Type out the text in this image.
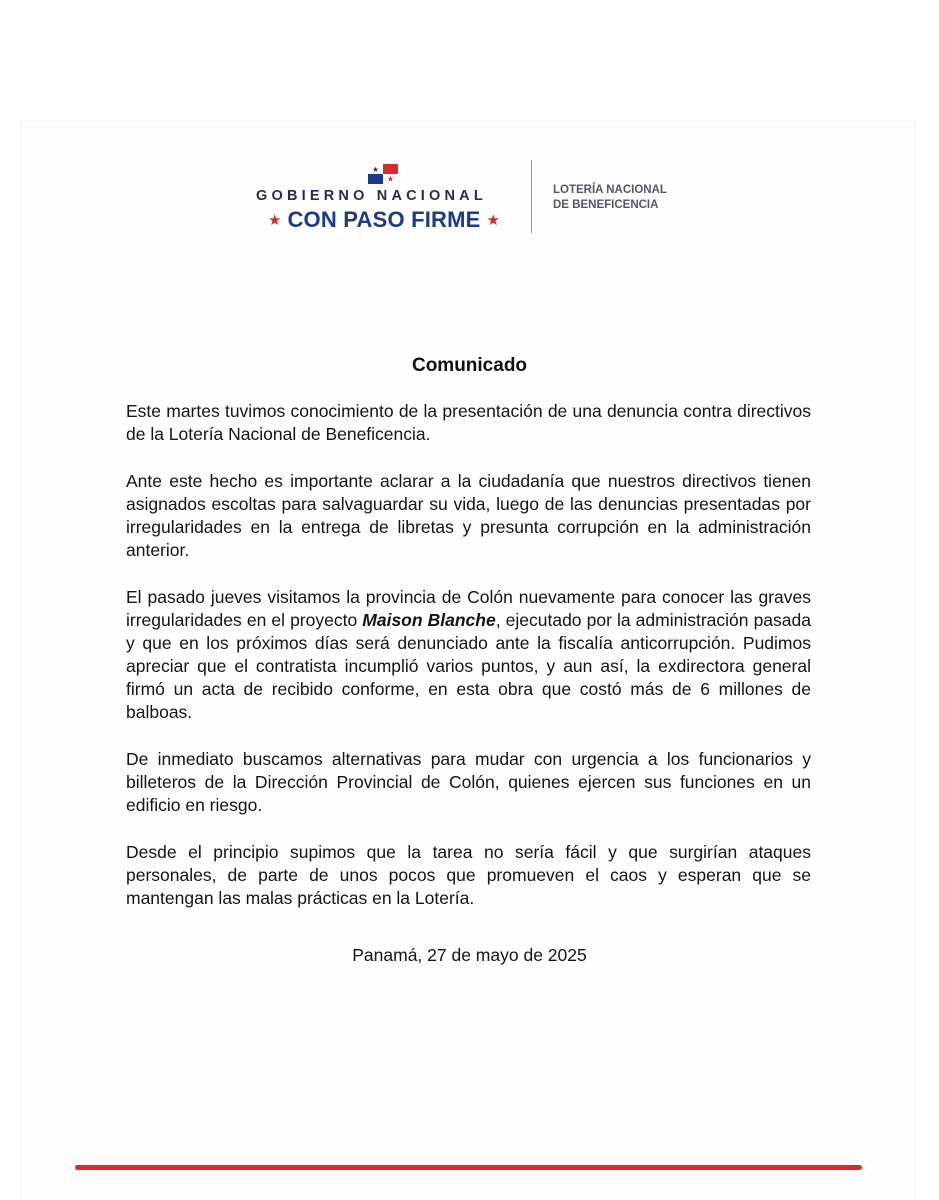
GOBIERNO NACIONAL
★ CON PASO FIRME ★
LOTERÍA NACIONAL
DE BENEFICENCIA
Comunicado

Este martes tuvimos conocimiento de la presentación de una denuncia contra directivos de la Lotería Nacional de Beneficencia.

Ante este hecho es importante aclarar a la ciudadanía que nuestros directivos tienen asignados escoltas para salvaguardar su vida, luego de las denuncias presentadas por irregularidades en la entrega de libretas y presunta corrupción en la administración anterior.

El pasado jueves visitamos la provincia de Colón nuevamente para conocer las graves irregularidades en el proyecto Maison Blanche, ejecutado por la administración pasada y que en los próximos días será denunciado ante la fiscalía anticorrupción. Pudimos apreciar que el contratista incumplió varios puntos, y aun así, la exdirectora general firmó un acta de recibido conforme, en esta obra que costó más de 6 millones de balboas.

De inmediato buscamos alternativas para mudar con urgencia a los funcionarios y billeteros de la Dirección Provincial de Colón, quienes ejercen sus funciones en un edificio en riesgo.

Desde el principio supimos que la tarea no sería fácil y que surgirían ataques personales, de parte de unos pocos que promueven el caos y esperan que se mantengan las malas prácticas en la Lotería.

Panamá, 27 de mayo de 2025
